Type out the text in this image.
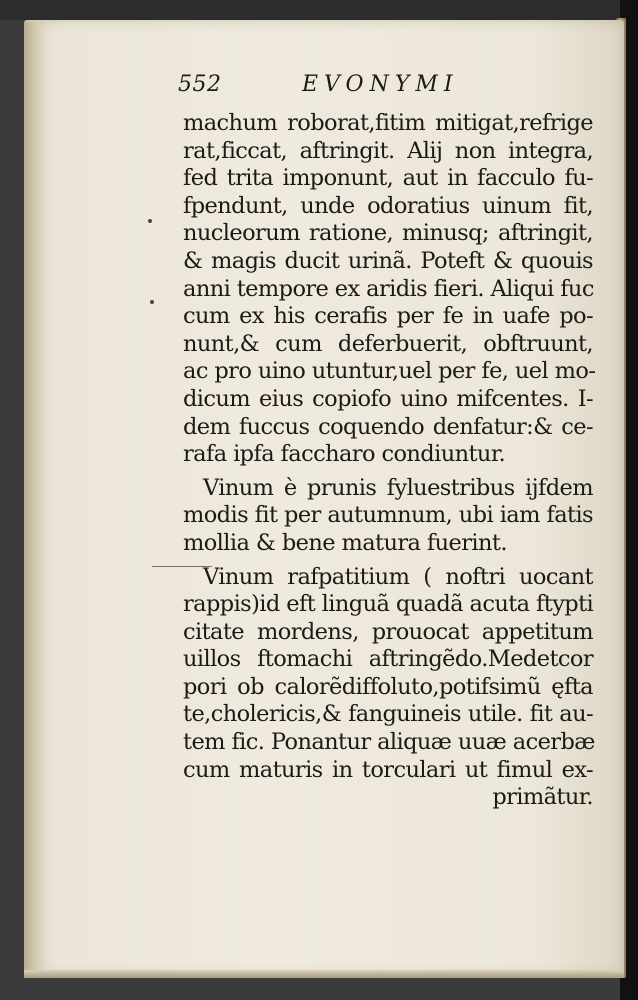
552	EVONYMI
machum roborat,fitim mitigat,refrige
rat,ficcat, aftringit. Alij non integra,
fed trita imponunt, aut in facculo fu-
fpendunt, unde odoratius uinum fit,
nucleorum ratione, minusq; aftringit,
& magis ducit urinã. Poteft & quouis
anni tempore ex aridis fieri. Aliqui fuc
cum ex his cerafis per fe in uafe po-
nunt,& cum deferbuerit, obftruunt,
ac pro uino utuntur,uel per fe, uel mo-
dicum eius copiofo uino mifcentes. I-
dem fuccus coquendo denfatur:& ce-
rafa ipfa faccharo condiuntur.
Vinum è prunis fyluestribus ijfdem
modis fit per autumnum, ubi iam fatis
mollia & bene matura fuerint.
Vinum rafpatitium ( noftri uocant
rappis)id eft linguã quadã acuta ftypti
citate mordens, prouocat appetitum
uillos ftomachi aftringẽdo.Medetcor
pori ob calorẽdiffoluto,potifsimũ ęfta
te,cholericis,& fanguineis utile. fit au-
tem fic. Ponantur aliquæ uuæ acerbæ
cum maturis in torculari ut fimul ex-
primãtur.
